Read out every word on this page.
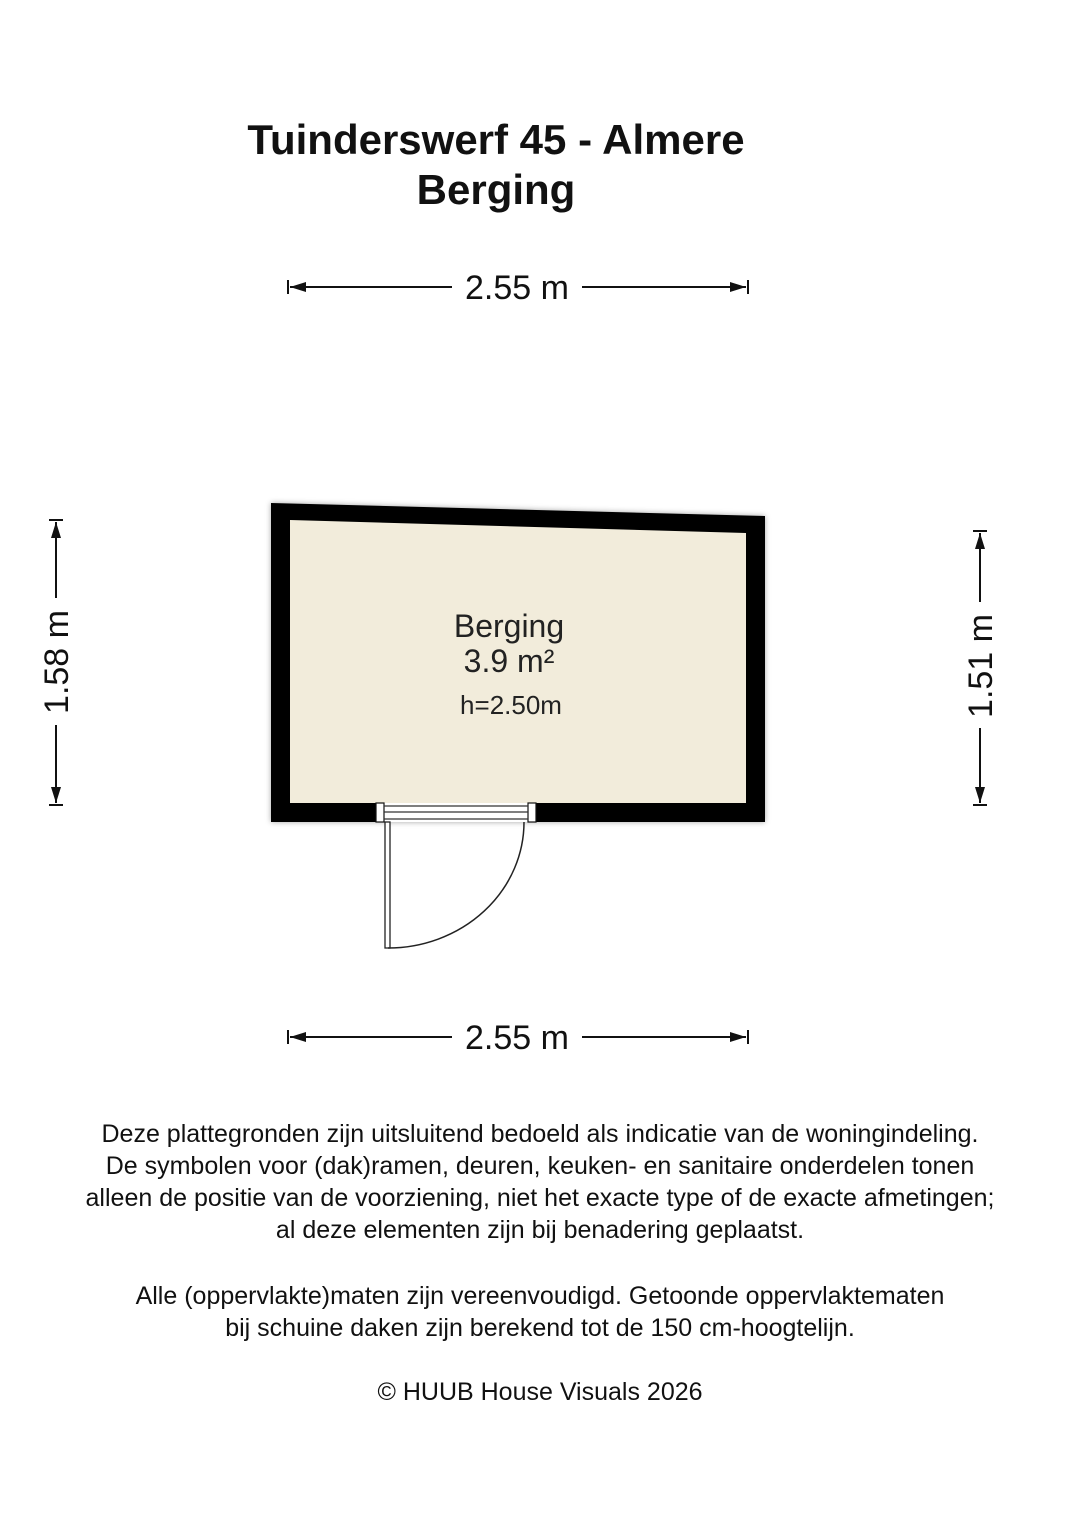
Tuinderswerf 45 - Almere
Berging
2.55 m
1.58 m	1.51 m
Berging
3.9 m²
h=2.50m
2.55 m

Deze plattegronden zijn uitsluitend bedoeld als indicatie van de woningindeling.

De symbolen voor (dak)ramen, deuren, keuken- en sanitaire onderdelen tonen

alleen de positie van de voorziening, niet het exacte type of de exacte afmetingen;

al deze elementen zijn bij benadering geplaatst.

Alle (oppervlakte)maten zijn vereenvoudigd. Getoonde oppervlaktematen

bij schuine daken zijn berekend tot de 150 cm-hoogtelijn.

© HUUB House Visuals 2026
